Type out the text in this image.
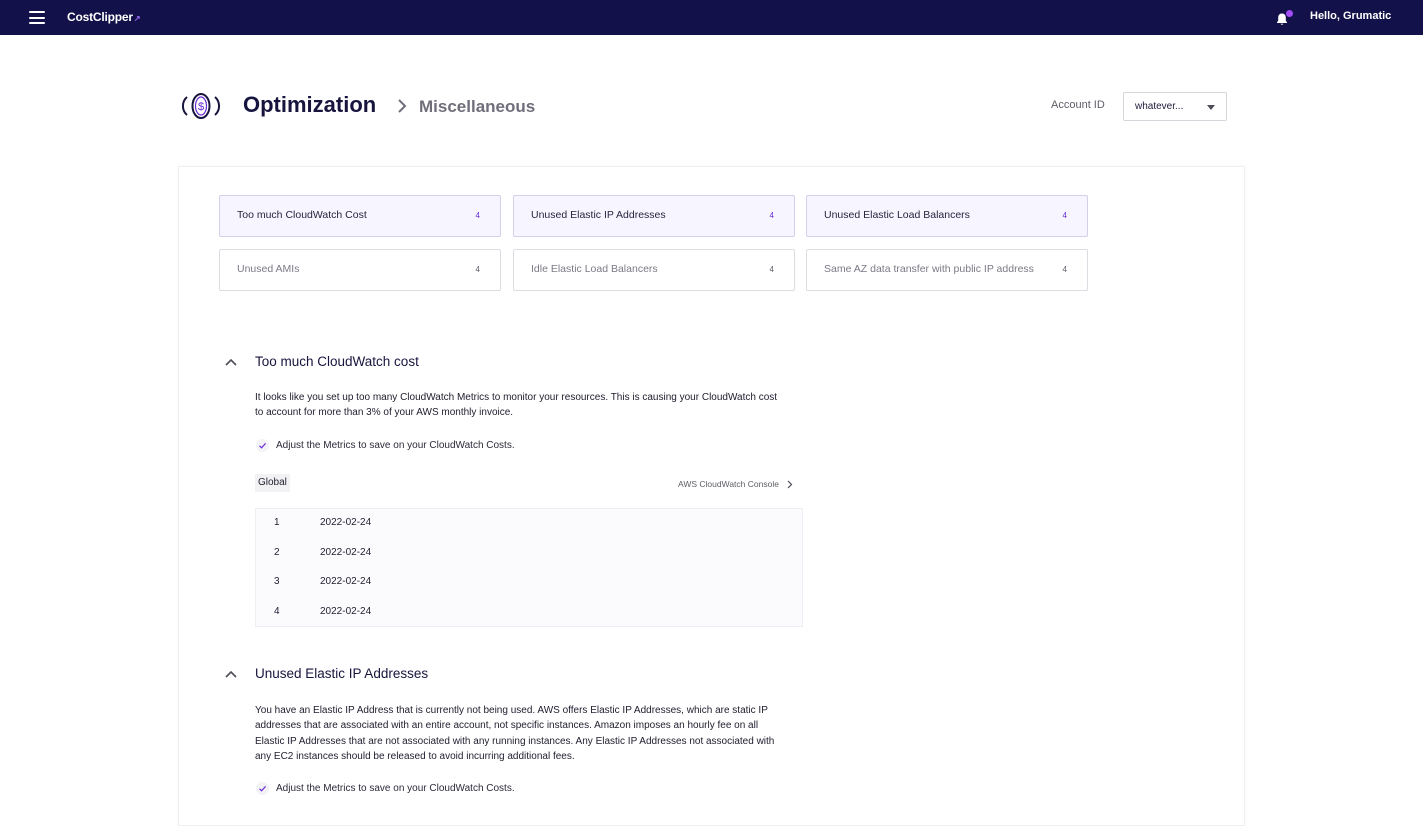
CostClipper↗	Hello, Grumatic
$ Optimization	Miscellaneous	Account ID	whatever...
Too much CloudWatch Cost	4	Unused Elastic IP Addresses	4	Unused Elastic Load Balancers	4
Unused AMIs	4	Idle Elastic Load Balancers	4	Same AZ data transfer with public IP address	4
Too much CloudWatch cost
It looks like you set up too many CloudWatch Metrics to monitor your resources. This is causing your CloudWatch cost
to account for more than 3% of your AWS monthly invoice.
Adjust the Metrics to save on your CloudWatch Costs.
Global	AWS CloudWatch Console
1	2022-02-24
2	2022-02-24
3	2022-02-24
4	2022-02-24
Unused Elastic IP Addresses
You have an Elastic IP Address that is currently not being used. AWS offers Elastic IP Addresses, which are static IP
addresses that are associated with an entire account, not specific instances. Amazon imposes an hourly fee on all
Elastic IP Addresses that are not associated with any running instances. Any Elastic IP Addresses not associated with
any EC2 instances should be released to avoid incurring additional fees.
Adjust the Metrics to save on your CloudWatch Costs.
